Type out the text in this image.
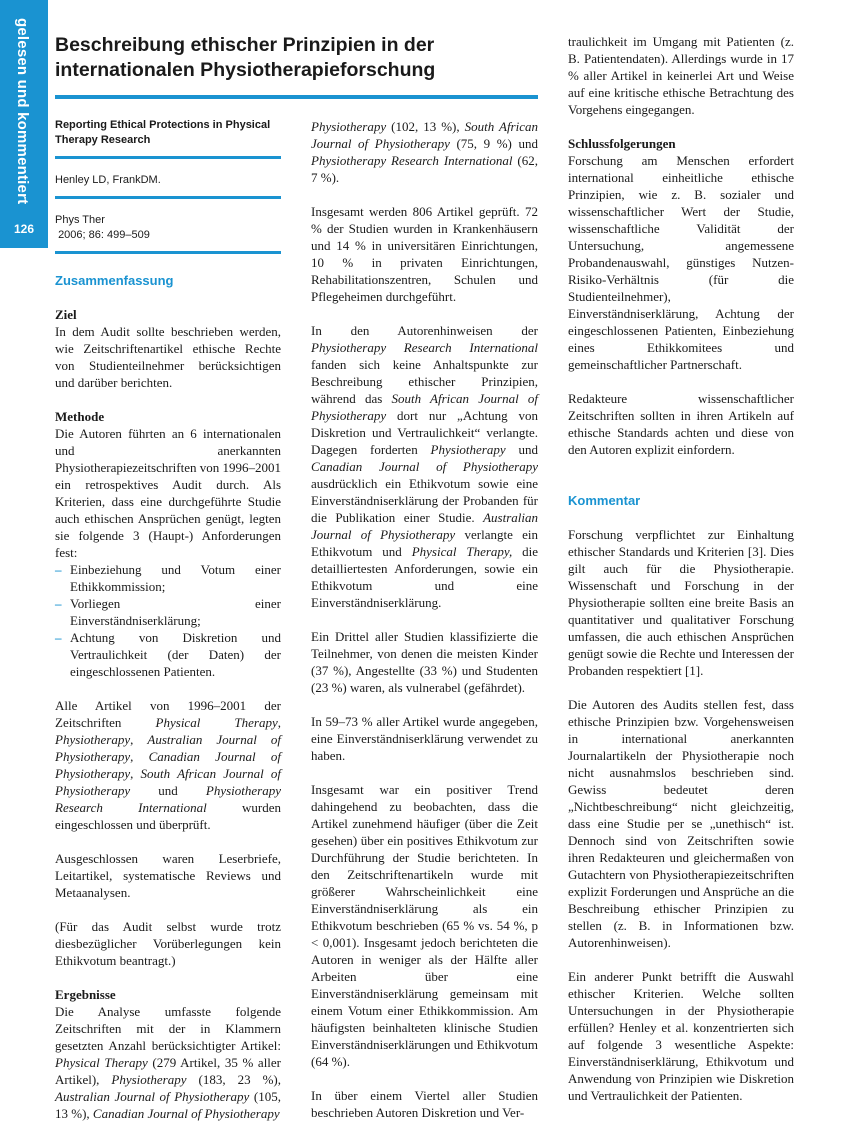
gelesen und kommentiert
126
Beschreibung ethischer Prinzipien in der internationalen Physiotherapieforschung
Reporting Ethical Protections in Physical Therapy Research
Henley LD, FrankDM.
Phys Ther
2006; 86: 499–509

Zusammenfassung

Ziel
In dem Audit sollte beschrieben werden, wie Zeitschriftenartikel ethische Rechte von Studienteilnehmer berücksichtigen und darüber berichten.

Methode
Die Autoren führten an 6 internationalen und anerkannten Physiotherapiezeitschriften von 1996–2001 ein retrospektives Audit durch. Als Kriterien, dass eine durchgeführte Studie auch ethischen Ansprüchen genügt, legten sie folgende 3 (Haupt-) Anforderungen fest:

– Einbeziehung und Votum einer Ethikkommission;
– Vorliegen einer Einverständniserklärung;
– Achtung von Diskretion und Vertraulichkeit (der Daten) der eingeschlossenen Patienten.

Alle Artikel von 1996–2001 der Zeitschriften Physical Therapy, Physiotherapy, Australian Journal of Physiotherapy, Canadian Journal of Physiotherapy, South African Journal of Physiotherapy und Physiotherapy Research International wurden eingeschlossen und überprüft.

Ausgeschlossen waren Leserbriefe, Leitartikel, systematische Reviews und Metaanalysen.

(Für das Audit selbst wurde trotz diesbezüglicher Vorüberlegungen kein Ethikvotum beantragt.)

Ergebnisse
Die Analyse umfasste folgende Zeitschriften mit der in Klammern gesetzten Anzahl berücksichtigter Artikel: Physical Therapy (279 Artikel, 35 % aller Artikel), Physiotherapy (183, 23 %), Australian Journal of Physiotherapy (105, 13 %), Canadian Journal of Physiotherapy

Physiotherapy (102, 13 %), South African Journal of Physiotherapy (75, 9 %) und Physiotherapy Research International (62, 7 %).

Insgesamt werden 806 Artikel geprüft. 72 % der Studien wurden in Krankenhäusern und 14 % in universitären Einrichtungen, 10 % in privaten Einrichtungen, Rehabilitationszentren, Schulen und Pflegeheimen durchgeführt.

In den Autorenhinweisen der Physiotherapy Research International fanden sich keine Anhaltspunkte zur Beschreibung ethischer Prinzipien, während das South African Journal of Physiotherapy dort nur „Achtung von Diskretion und Vertraulichkeit“ verlangte. Dagegen forderten Physiotherapy und Canadian Journal of Physiotherapy ausdrücklich ein Ethikvotum sowie eine Einverständniserklärung der Probanden für die Publikation einer Studie. Australian Journal of Physiotherapy verlangte ein Ethikvotum und Physical Therapy, die detailliertesten Anforderungen, sowie ein Ethikvotum und eine Einverständniserklärung.

Ein Drittel aller Studien klassifizierte die Teilnehmer, von denen die meisten Kinder (37 %), Angestellte (33 %) und Studenten (23 %) waren, als vulnerabel (gefährdet).

In 59–73 % aller Artikel wurde angegeben, eine Einverständniserklärung verwendet zu haben.

Insgesamt war ein positiver Trend dahingehend zu beobachten, dass die Artikel zunehmend häufiger (über die Zeit gesehen) über ein positives Ethikvotum zur Durchführung der Studie berichteten. In den Zeitschriftenartikeln wurde mit größerer Wahrscheinlichkeit eine Einverständniserklärung als ein Ethikvotum beschrieben (65 % vs. 54 %, p < 0,001). Insgesamt jedoch berichteten die Autoren in weniger als der Hälfte aller Arbeiten über eine Einverständniserklärung gemeinsam mit einem Votum einer Ethikkommission. Am häufigsten beinhalteten klinische Studien Einverständniserklärungen und Ethikvotum (64 %).

In über einem Viertel aller Studien beschrieben Autoren Diskretion und Ver-

traulichkeit im Umgang mit Patienten (z. B. Patientendaten). Allerdings wurde in 17 % aller Artikel in keinerlei Art und Weise auf eine kritische ethische Betrachtung des Vorgehens eingegangen.

Schlussfolgerungen
Forschung am Menschen erfordert international einheitliche ethische Prinzipien, wie z. B. sozialer und wissenschaftlicher Wert der Studie, wissenschaftliche Validität der Untersuchung, angemessene Probandenauswahl, günstiges Nutzen-Risiko-Verhältnis (für die Studienteilnehmer), Einverständniserklärung, Achtung der eingeschlossenen Patienten, Einbeziehung eines Ethikkomitees und gemeinschaftlicher Partnerschaft.

Redakteure wissenschaftlicher Zeitschriften sollten in ihren Artikeln auf ethische Standards achten und diese von den Autoren explizit einfordern.

Kommentar

Forschung verpflichtet zur Einhaltung ethischer Standards und Kriterien [3]. Dies gilt auch für die Physiotherapie. Wissenschaft und Forschung in der Physiotherapie sollten eine breite Basis an quantitativer und qualitativer Forschung umfassen, die auch ethischen Ansprüchen genügt sowie die Rechte und Interessen der Probanden respektiert [1].

Die Autoren des Audits stellen fest, dass ethische Prinzipien bzw. Vorgehensweisen in international anerkannten Journalartikeln der Physiotherapie noch nicht ausnahmslos beschrieben sind. Gewiss bedeutet deren „Nichtbeschreibung“ nicht gleichzeitig, dass eine Studie per se „unethisch“ ist. Dennoch sind von Zeitschriften sowie ihren Redakteuren und gleichermaßen von Gutachtern von Physiotherapiezeitschriften explizit Forderungen und Ansprüche an die Beschreibung ethischer Prinzipien zu stellen (z. B. in Informationen bzw. Autorenhinweisen).

Ein anderer Punkt betrifft die Auswahl ethischer Kriterien. Welche sollten Untersuchungen in der Physiotherapie erfüllen? Henley et al. konzentrierten sich auf folgende 3 wesentliche Aspekte: Einverständniserklärung, Ethikvotum und Anwendung von Prinzipien wie Diskretion und Vertraulichkeit der Patienten.
